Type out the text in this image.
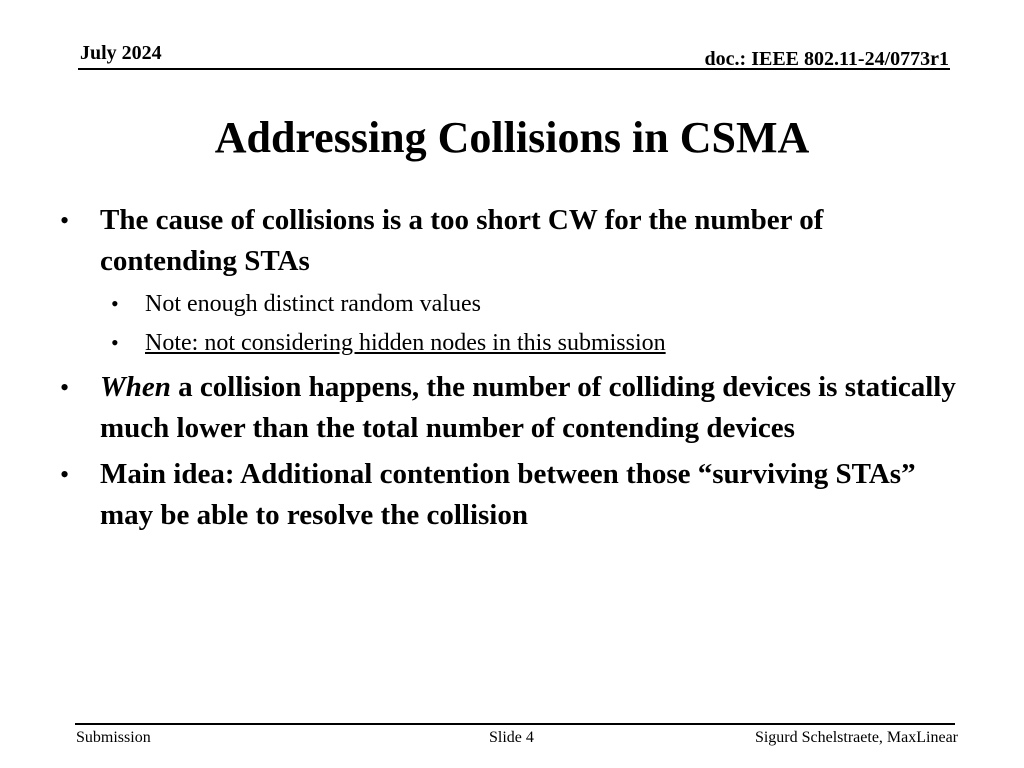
July 2024	doc.: IEEE 802.11-24/0773r1
Addressing Collisions in CSMA
• The cause of collisions is a too short CW for the number of contending STAs
• Not enough distinct random values
• Note: not considering hidden nodes in this submission
• When a collision happens, the number of colliding devices is statically much lower than the total number of contending devices
• Main idea: Additional contention between those “surviving STAs” may be able to resolve the collision
Submission	Slide 4	Sigurd Schelstraete, MaxLinear
